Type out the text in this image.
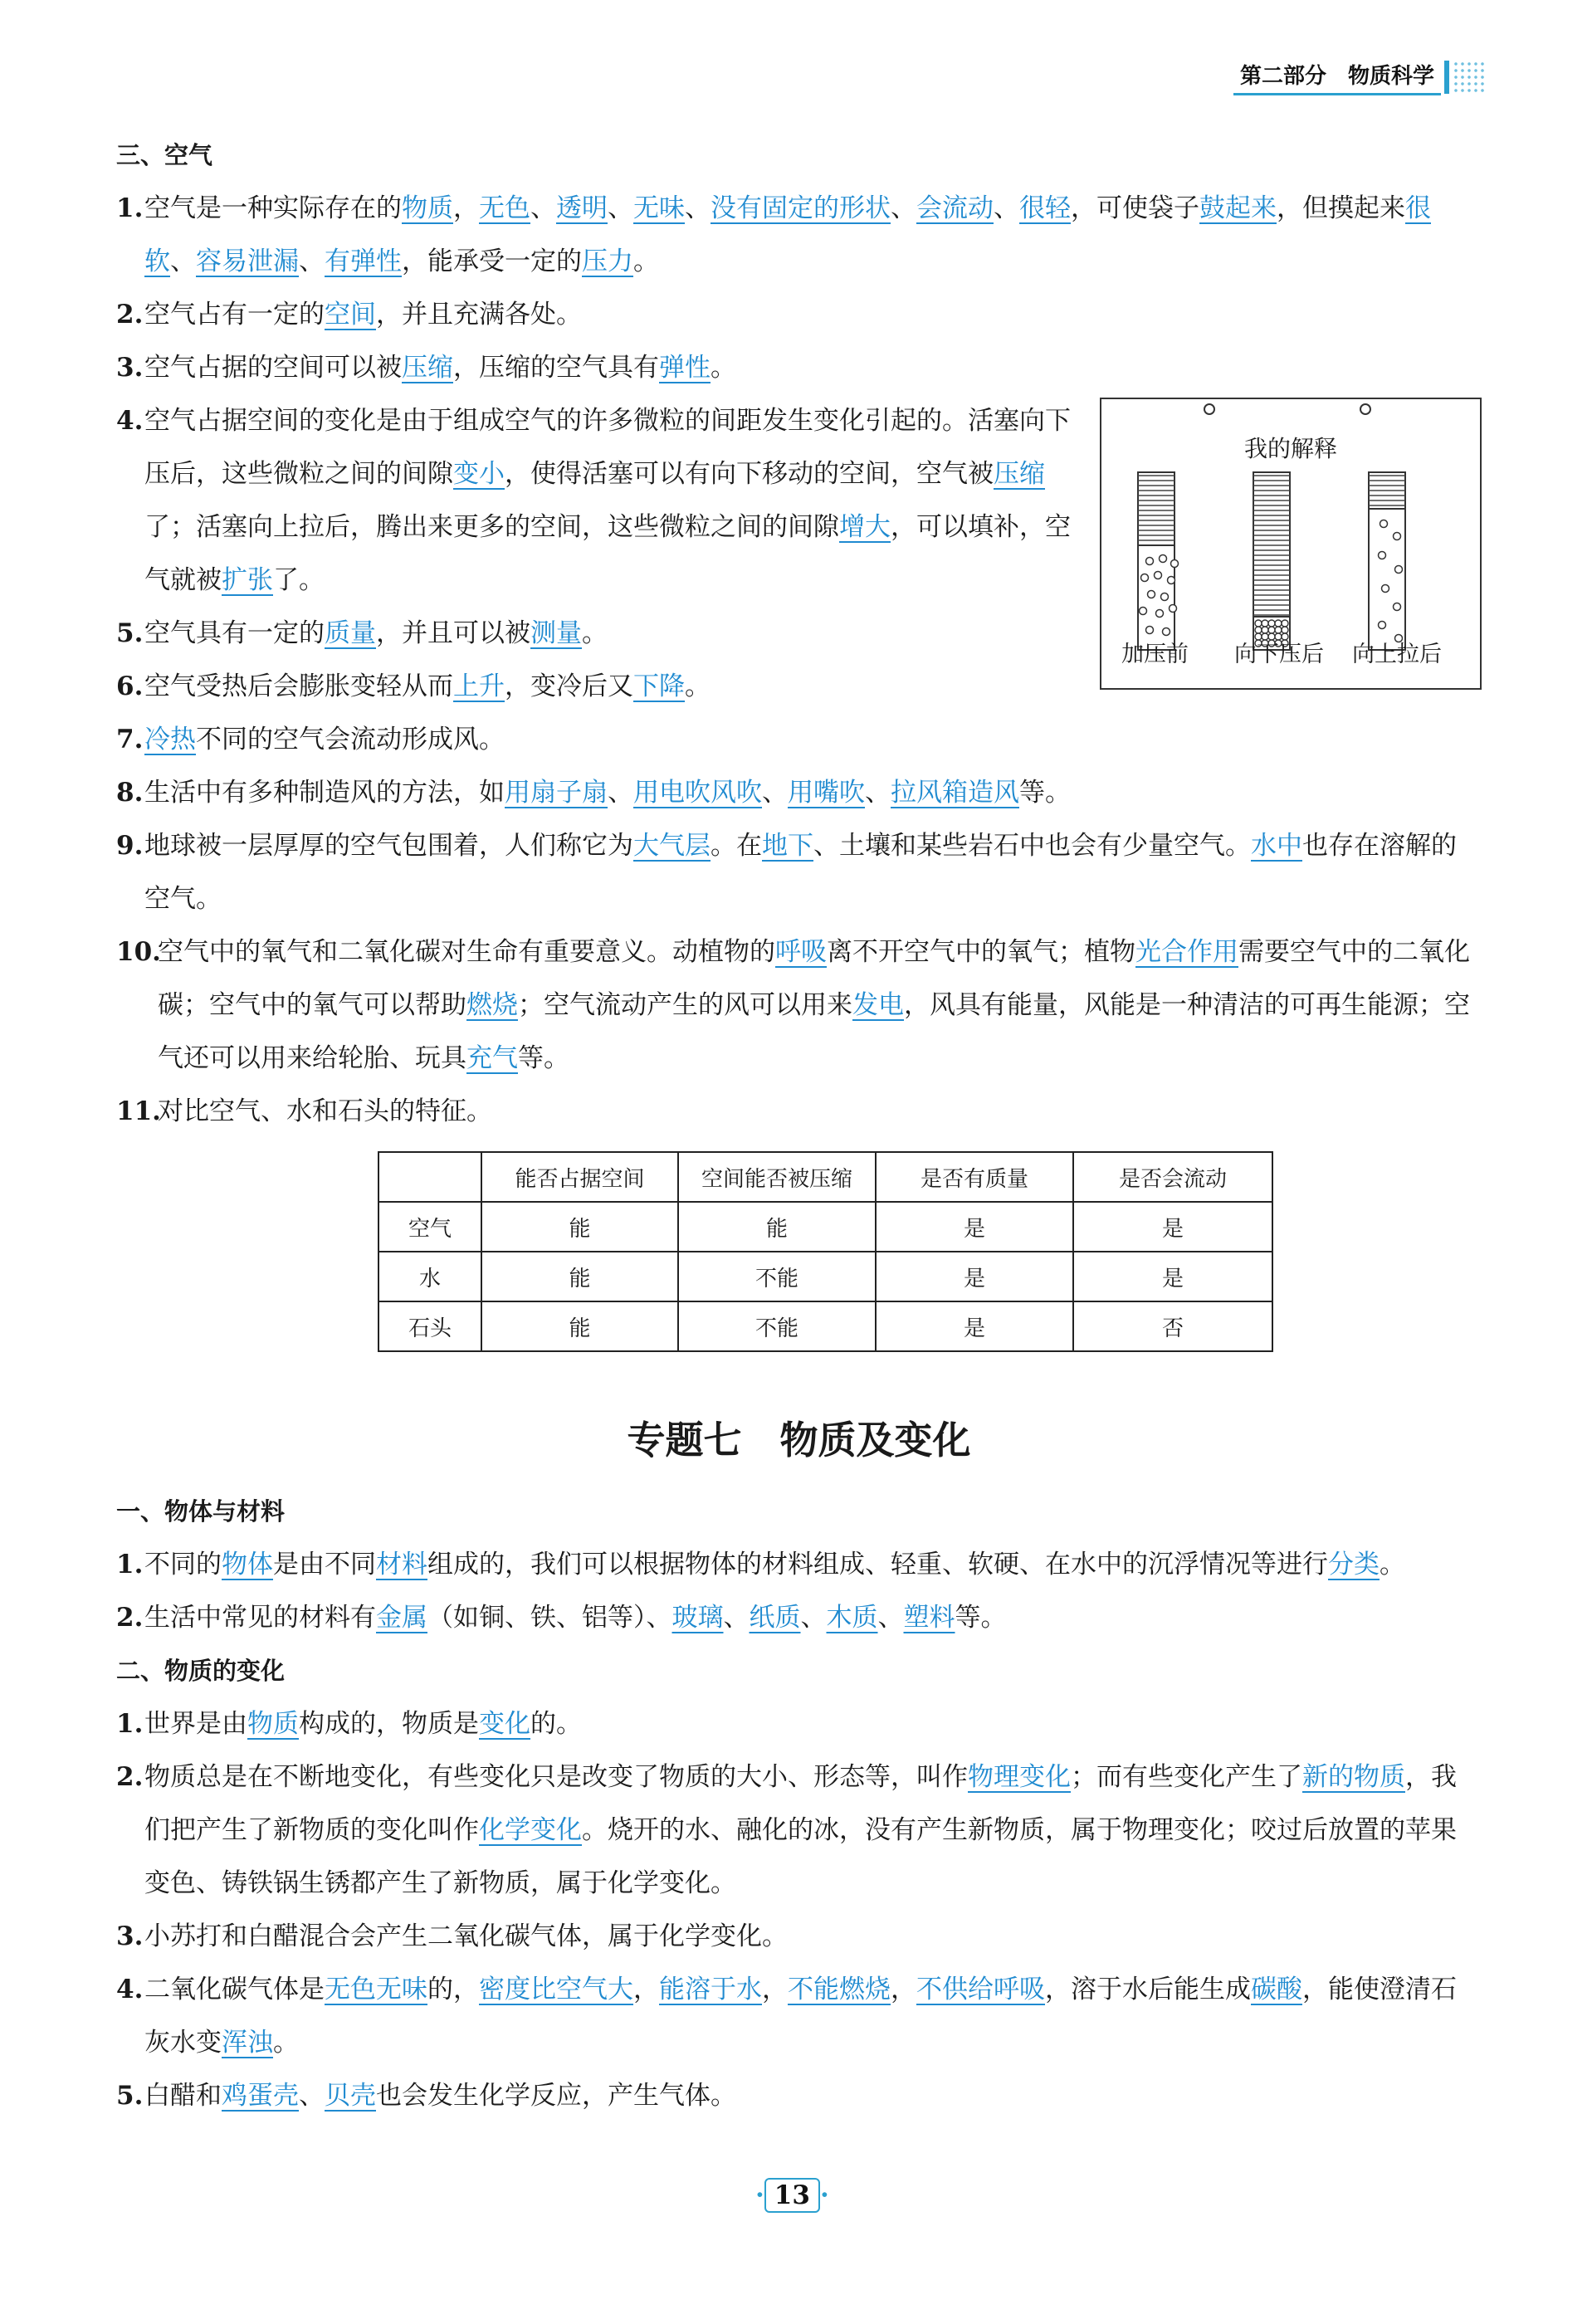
第二部分 物质科学
三、空气
1. 空气是一种实际存在的物质，无色、透明、无味、没有固定的形状、会流动、很轻，可使袋子鼓起来，但摸起来很软、容易泄漏、有弹性，能承受一定的压力。
2. 空气占有一定的空间，并且充满各处。
3. 空气占据的空间可以被压缩，压缩的空气具有弹性。
我的解释
加压前 向下压后 向上拉后
4. 空气占据空间的变化是由于组成空气的许多微粒的间距发生变化引起的。活塞向下压后，这些微粒之间的间隙变小，使得活塞可以有向下移动的空间，空气被压缩了；活塞向上拉后，腾出来更多的空间，这些微粒之间的间隙增大，可以填补，空气就被扩张了。
5. 空气具有一定的质量，并且可以被测量。
6. 空气受热后会膨胀变轻从而上升，变冷后又下降。
7. 冷热不同的空气会流动形成风。
8. 生活中有多种制造风的方法，如用扇子扇、用电吹风吹、用嘴吹、拉风箱造风等。
9. 地球被一层厚厚的空气包围着，人们称它为大气层。在地下、土壤和某些岩石中也会有少量空气。水中也存在溶解的空气。
10.
空气中的氧气和二氧化碳对生命有重要意义。动植物的呼吸离不开空气中的氧气；植物光合作用需要空气中的二氧化碳；空气中的氧气可以帮助燃烧；空气流动产生的风可以用来发电，风具有能量，风能是一种清洁的可再生能源；空气还可以用来给轮胎、玩具充气等。
11.
对比空气、水和石头的特征。
	能否占据空间	空间能否被压缩	是否有质量	是否会流动
空气	能	能	是	是
水	能	不能	是	是
石头	能	不能	是	否
专题七 物质及变化
一、物体与材料
1. 不同的物体是由不同材料组成的，我们可以根据物体的材料组成、轻重、软硬、在水中的沉浮情况等进行分类。
2. 生活中常见的材料有金属（如铜、铁、铝等）、玻璃、纸质、木质、塑料等。
二、物质的变化
1. 世界是由物质构成的，物质是变化的。
2. 物质总是在不断地变化，有些变化只是改变了物质的大小、形态等，叫作物理变化；而有些变化产生了新的物质，我们把产生了新物质的变化叫作化学变化。烧开的水、融化的冰，没有产生新物质，属于物理变化；咬过后放置的苹果变色、铸铁锅生锈都产生了新物质，属于化学变化。
3. 小苏打和白醋混合会产生二氧化碳气体，属于化学变化。
4. 二氧化碳气体是无色无味的，密度比空气大，能溶于水，不能燃烧，不供给呼吸，溶于水后能生成碳酸，能使澄清石灰水变浑浊。
5. 白醋和鸡蛋壳、贝壳也会发生化学反应，产生气体。
· 13 ·
